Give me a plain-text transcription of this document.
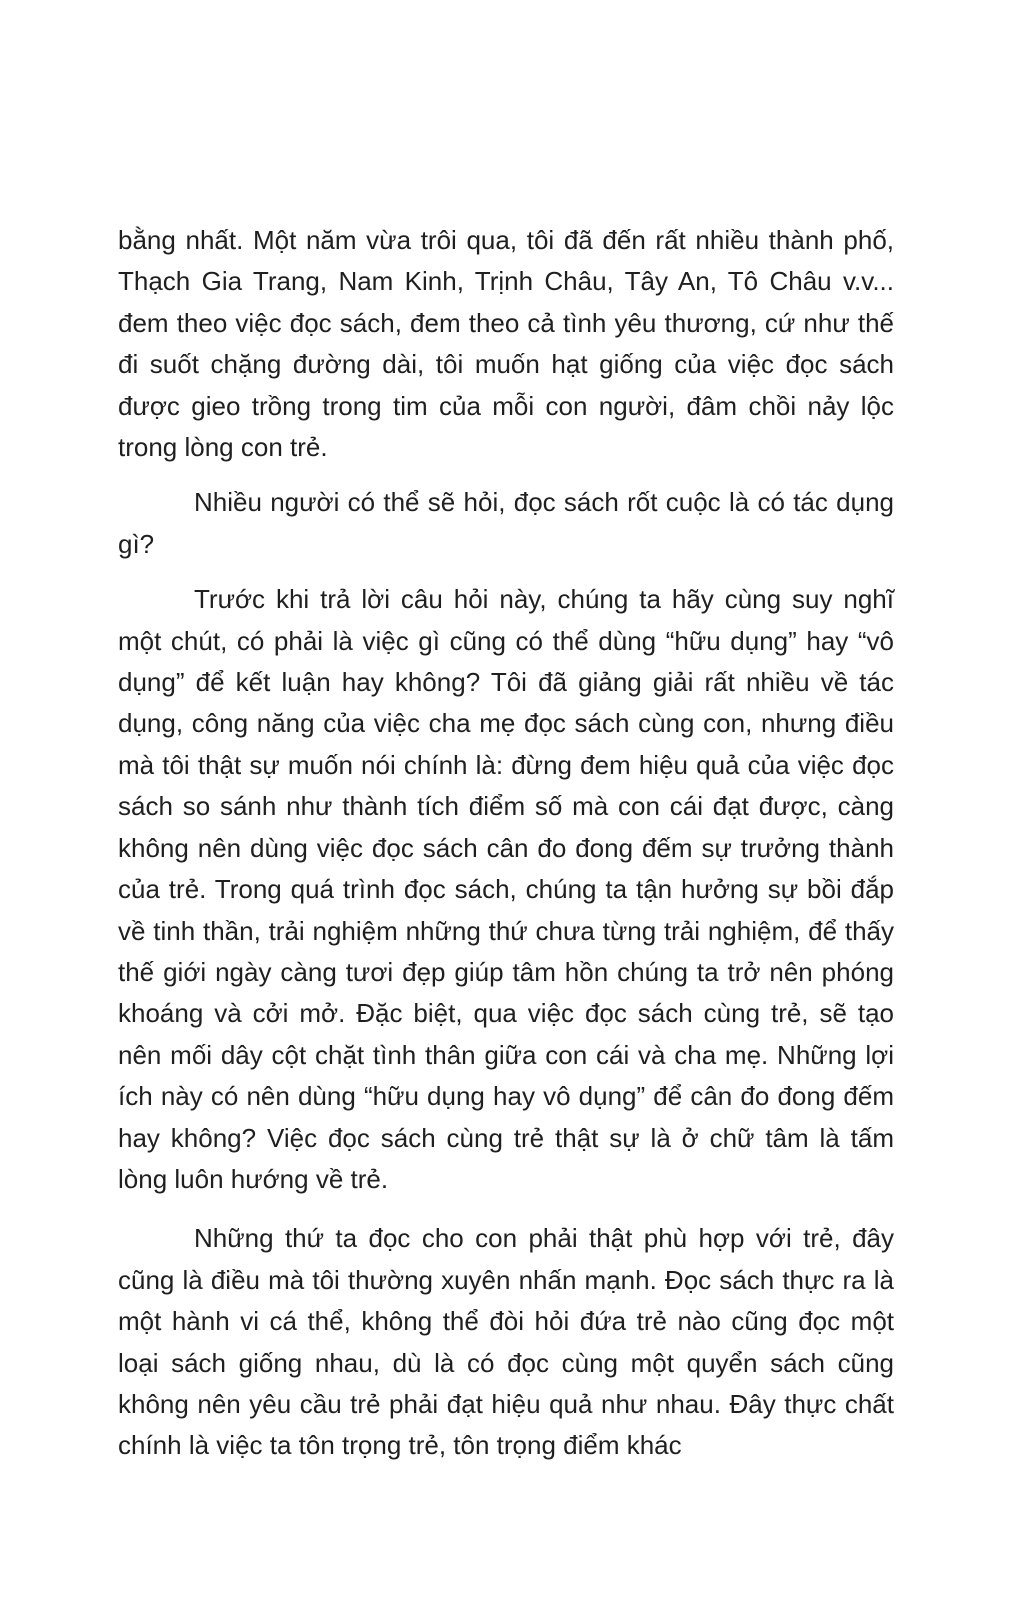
bằng nhất. Một năm vừa trôi qua, tôi đã đến rất nhiều thành phố, Thạch Gia Trang, Nam Kinh, Trịnh Châu, Tây An, Tô Châu v.v... đem theo việc đọc sách, đem theo cả tình yêu thương, cứ như thế đi suốt chặng đường dài, tôi muốn hạt giống của việc đọc sách được gieo trồng trong tim của mỗi con người, đâm chồi nảy lộc trong lòng con trẻ.

Nhiều người có thể sẽ hỏi, đọc sách rốt cuộc là có tác dụng gì?

Trước khi trả lời câu hỏi này, chúng ta hãy cùng suy nghĩ một chút, có phải là việc gì cũng có thể dùng “hữu dụng” hay “vô dụng” để kết luận hay không? Tôi đã giảng giải rất nhiều về tác dụng, công năng của việc cha mẹ đọc sách cùng con, nhưng điều mà tôi thật sự muốn nói chính là: đừng đem hiệu quả của việc đọc sách so sánh như thành tích điểm số mà con cái đạt được, càng không nên dùng việc đọc sách cân đo đong đếm sự trưởng thành của trẻ. Trong quá trình đọc sách, chúng ta tận hưởng sự bồi đắp về tinh thần, trải nghiệm những thứ chưa từng trải nghiệm, để thấy thế giới ngày càng tươi đẹp giúp tâm hồn chúng ta trở nên phóng khoáng và cởi mở. Đặc biệt, qua việc đọc sách cùng trẻ, sẽ tạo nên mối dây cột chặt tình thân giữa con cái và cha mẹ. Những lợi ích này có nên dùng “hữu dụng hay vô dụng” để cân đo đong đếm hay không? Việc đọc sách cùng trẻ thật sự là ở chữ tâm là tấm lòng luôn hướng về trẻ.

Những thứ ta đọc cho con phải thật phù hợp với trẻ, đây cũng là điều mà tôi thường xuyên nhấn mạnh. Đọc sách thực ra là một hành vi cá thể, không thể đòi hỏi đứa trẻ nào cũng đọc một loại sách giống nhau, dù là có đọc cùng một quyển sách cũng không nên yêu cầu trẻ phải đạt hiệu quả như nhau. Đây thực chất chính là việc ta tôn trọng trẻ, tôn trọng điểm khác
